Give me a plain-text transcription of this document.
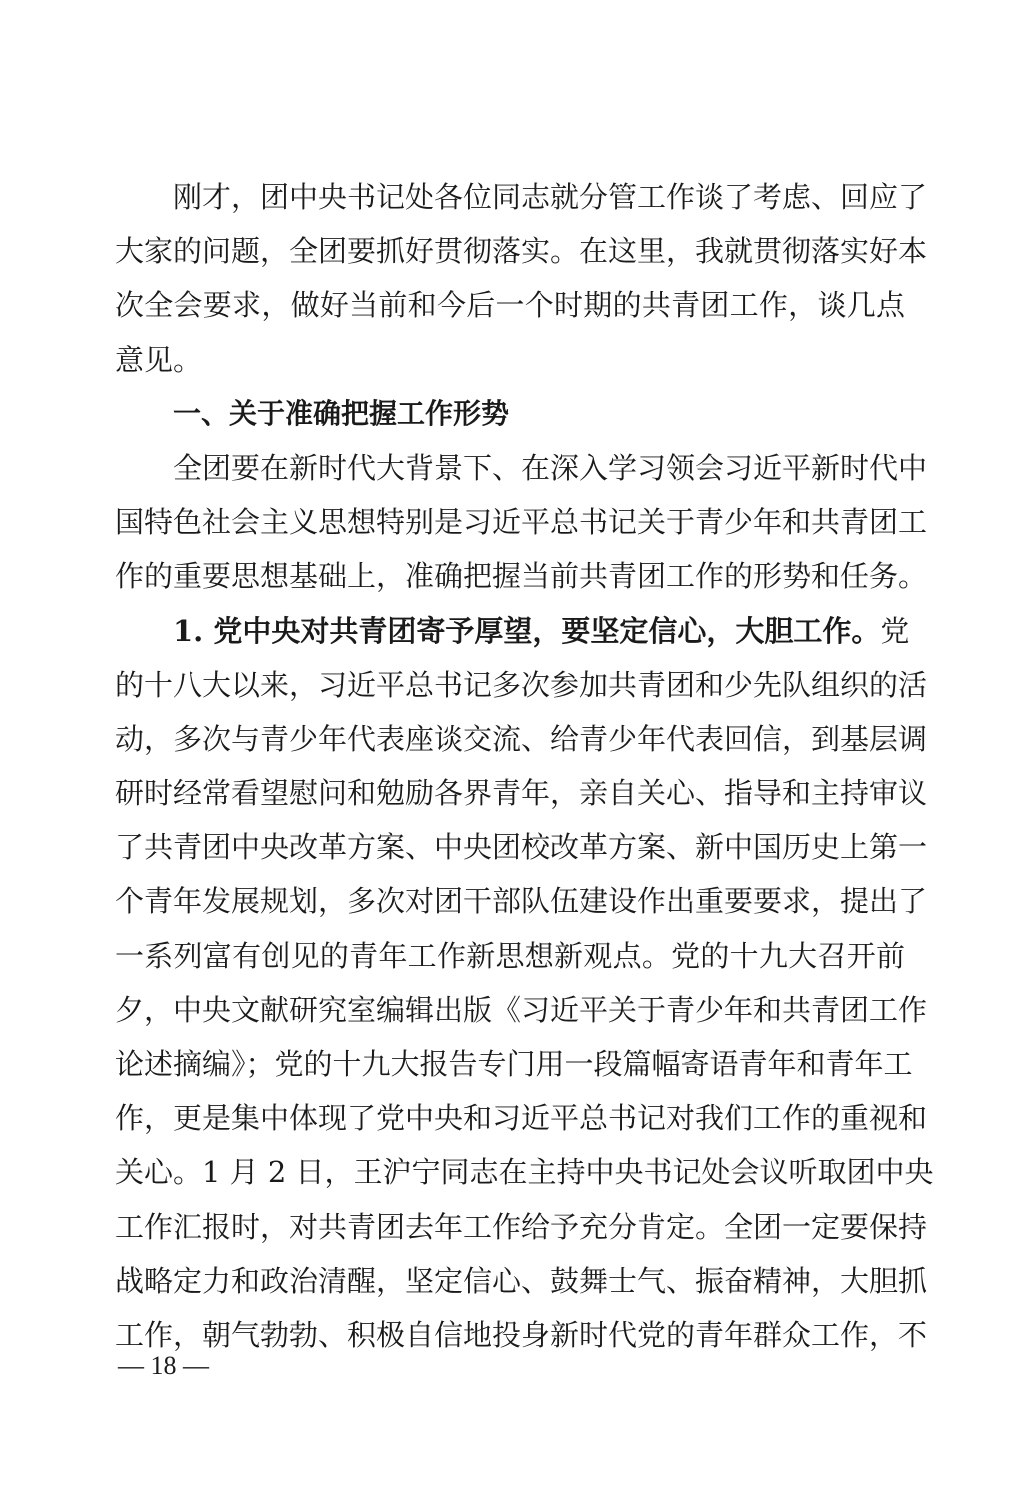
刚才，团中央书记处各位同志就分管工作谈了考虑、回应了
大家的问题，全团要抓好贯彻落实。在这里，我就贯彻落实好本
次全会要求，做好当前和今后一个时期的共青团工作，谈几点
意见。
一、关于准确把握工作形势
全团要在新时代大背景下、在深入学习领会习近平新时代中
国特色社会主义思想特别是习近平总书记关于青少年和共青团工
作的重要思想基础上，准确把握当前共青团工作的形势和任务。
1. 党中央对共青团寄予厚望，要坚定信心，大胆工作。党
的十八大以来，习近平总书记多次参加共青团和少先队组织的活
动，多次与青少年代表座谈交流、给青少年代表回信，到基层调
研时经常看望慰问和勉励各界青年，亲自关心、指导和主持审议
了共青团中央改革方案、中央团校改革方案、新中国历史上第一
个青年发展规划，多次对团干部队伍建设作出重要要求，提出了
一系列富有创见的青年工作新思想新观点。党的十九大召开前
夕，中央文献研究室编辑出版《习近平关于青少年和共青团工作
论述摘编》；党的十九大报告专门用一段篇幅寄语青年和青年工
作，更是集中体现了党中央和习近平总书记对我们工作的重视和
关心。1 月 2 日，王沪宁同志在主持中央书记处会议听取团中央
工作汇报时，对共青团去年工作给予充分肯定。全团一定要保持
战略定力和政治清醒，坚定信心、鼓舞士气、振奋精神，大胆抓
工作，朝气勃勃、积极自信地投身新时代党的青年群众工作，不
— 18 —
